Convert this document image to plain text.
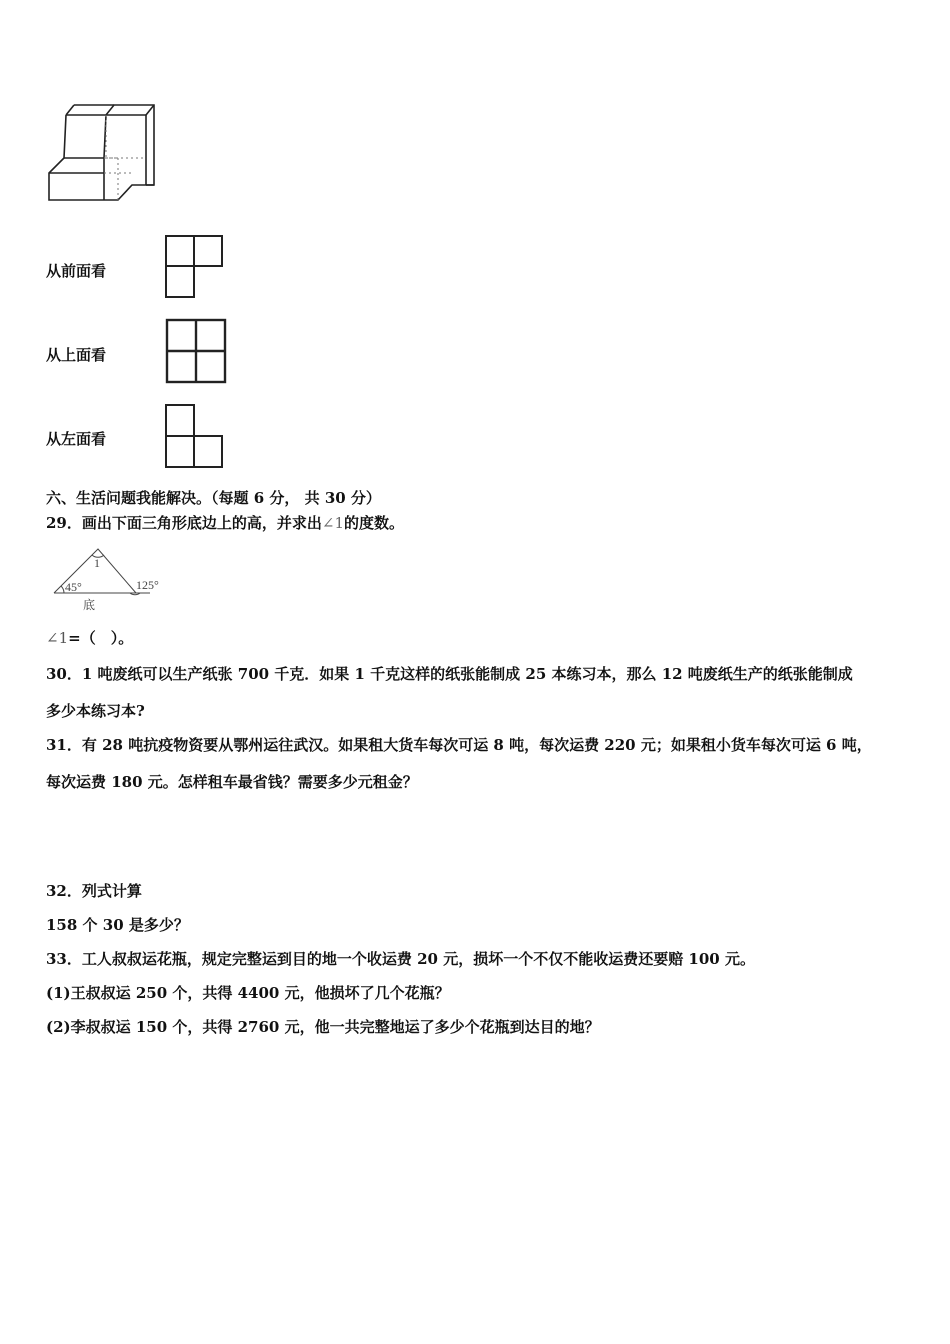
从前面看
从上面看
从左面看
六、生活问题我能解决。（每题 6 分， 共 30 分）
29．画出下面三角形底边上的高，并求出∠1的度数。
1
45°	125°
底
∠1=（　）。
30．1 吨废纸可以生产纸张 700 千克．如果 1 千克这样的纸张能制成 25 本练习本，那么 12 吨废纸生产的纸张能制成
多少本练习本?
31．有 28 吨抗疫物资要从鄂州运往武汉。如果租大货车每次可运 8 吨，每次运费 220 元；如果租小货车每次可运 6 吨，
每次运费 180 元。怎样租车最省钱？需要多少元租金？
32．列式计算
158 个 30 是多少？
33．工人叔叔运花瓶，规定完整运到目的地一个收运费 20 元，损坏一个不仅不能收运费还要赔 100 元。
(1)王叔叔运 250 个，共得 4400 元，他损坏了几个花瓶？
(2)李叔叔运 150 个，共得 2760 元，他一共完整地运了多少个花瓶到达目的地？
